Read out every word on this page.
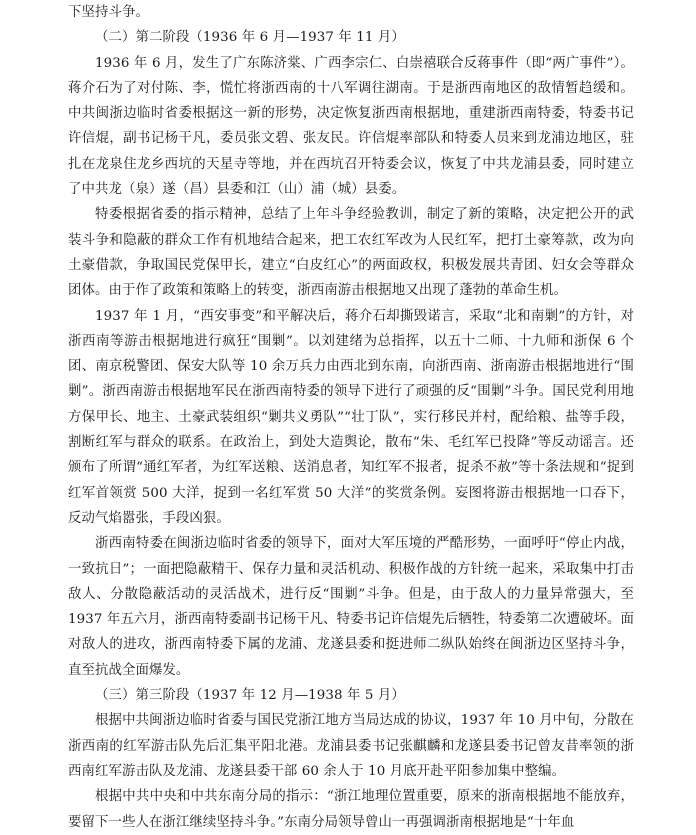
下坚持斗争。

（二）第二阶段（1936 年 6 月—1937 年 11 月）

1936 年 6 月，发生了广东陈济棠、广西李宗仁、白崇禧联合反蒋事件（即“两广事件”）。蒋介石为了对付陈、李，慌忙将浙西南的十八军调往湖南。于是浙西南地区的敌情暂趋缓和。中共闽浙边临时省委根据这一新的形势，决定恢复浙西南根据地，重建浙西南特委，特委书记许信焜，副书记杨干凡，委员张文碧、张友民。许信焜率部队和特委人员来到龙浦边地区，驻扎在龙泉住龙乡西坑的天星寺等地，并在西坑召开特委会议，恢复了中共龙浦县委，同时建立了中共龙（泉）遂（昌）县委和江（山）浦（城）县委。

特委根据省委的指示精神，总结了上年斗争经验教训，制定了新的策略，决定把公开的武装斗争和隐蔽的群众工作有机地结合起来，把工农红军改为人民红军，把打土豪筹款，改为向土豪借款，争取国民党保甲长，建立“白皮红心”的两面政权，积极发展共青团、妇女会等群众团体。由于作了政策和策略上的转变，浙西南游击根据地又出现了蓬勃的革命生机。

1937 年 1 月，“西安事变”和平解决后，蒋介石却撕毁诺言，采取“北和南剿”的方针，对浙西南等游击根据地进行疯狂“围剿”。以刘建绪为总指挥，以五十二师、十九师和浙保 6 个团、南京税警团、保安大队等 10 余万兵力由西北到东南，向浙西南、浙南游击根据地进行“围剿”。浙西南游击根据地军民在浙西南特委的领导下进行了顽强的反“围剿”斗争。国民党利用地方保甲长、地主、土豪武装组织“剿共义勇队”“壮丁队”，实行移民并村，配给粮、盐等手段，割断红军与群众的联系。在政治上，到处大造舆论，散布“朱、毛红军已投降”等反动谣言。还颁布了所谓“通红军者，为红军送粮、送消息者，知红军不报者，捉杀不赦”等十条法规和“捉到红军首领赏 500 大洋，捉到一名红军赏 50 大洋”的奖赏条例。妄图将游击根据地一口吞下，反动气焰嚣张，手段凶狠。

浙西南特委在闽浙边临时省委的领导下，面对大军压境的严酷形势，一面呼吁“停止内战，一致抗日”；一面把隐蔽精干、保存力量和灵活机动、积极作战的方针统一起来，采取集中打击敌人、分散隐蔽活动的灵活战术，进行反“围剿”斗争。但是，由于敌人的力量异常强大，至 1937 年五六月，浙西南特委副书记杨干凡、特委书记许信焜先后牺牲，特委第二次遭破坏。面对敌人的进攻，浙西南特委下属的龙浦、龙遂县委和挺进师二纵队始终在闽浙边区坚持斗争，直至抗战全面爆发。

（三）第三阶段（1937 年 12 月—1938 年 5 月）

根据中共闽浙边临时省委与国民党浙江地方当局达成的协议，1937 年 10 月中旬，分散在浙西南的红军游击队先后汇集平阳北港。龙浦县委书记张麒麟和龙遂县委书记曾友昔率领的浙西南红军游击队及龙浦、龙遂县委干部 60 余人于 10 月底开赴平阳参加集中整编。

根据中共中央和中共东南分局的指示：“浙江地理位置重要，原来的浙南根据地不能放弃，要留下一些人在浙江继续坚持斗争。”东南分局领导曾山一再强调浙南根据地是“十年血
